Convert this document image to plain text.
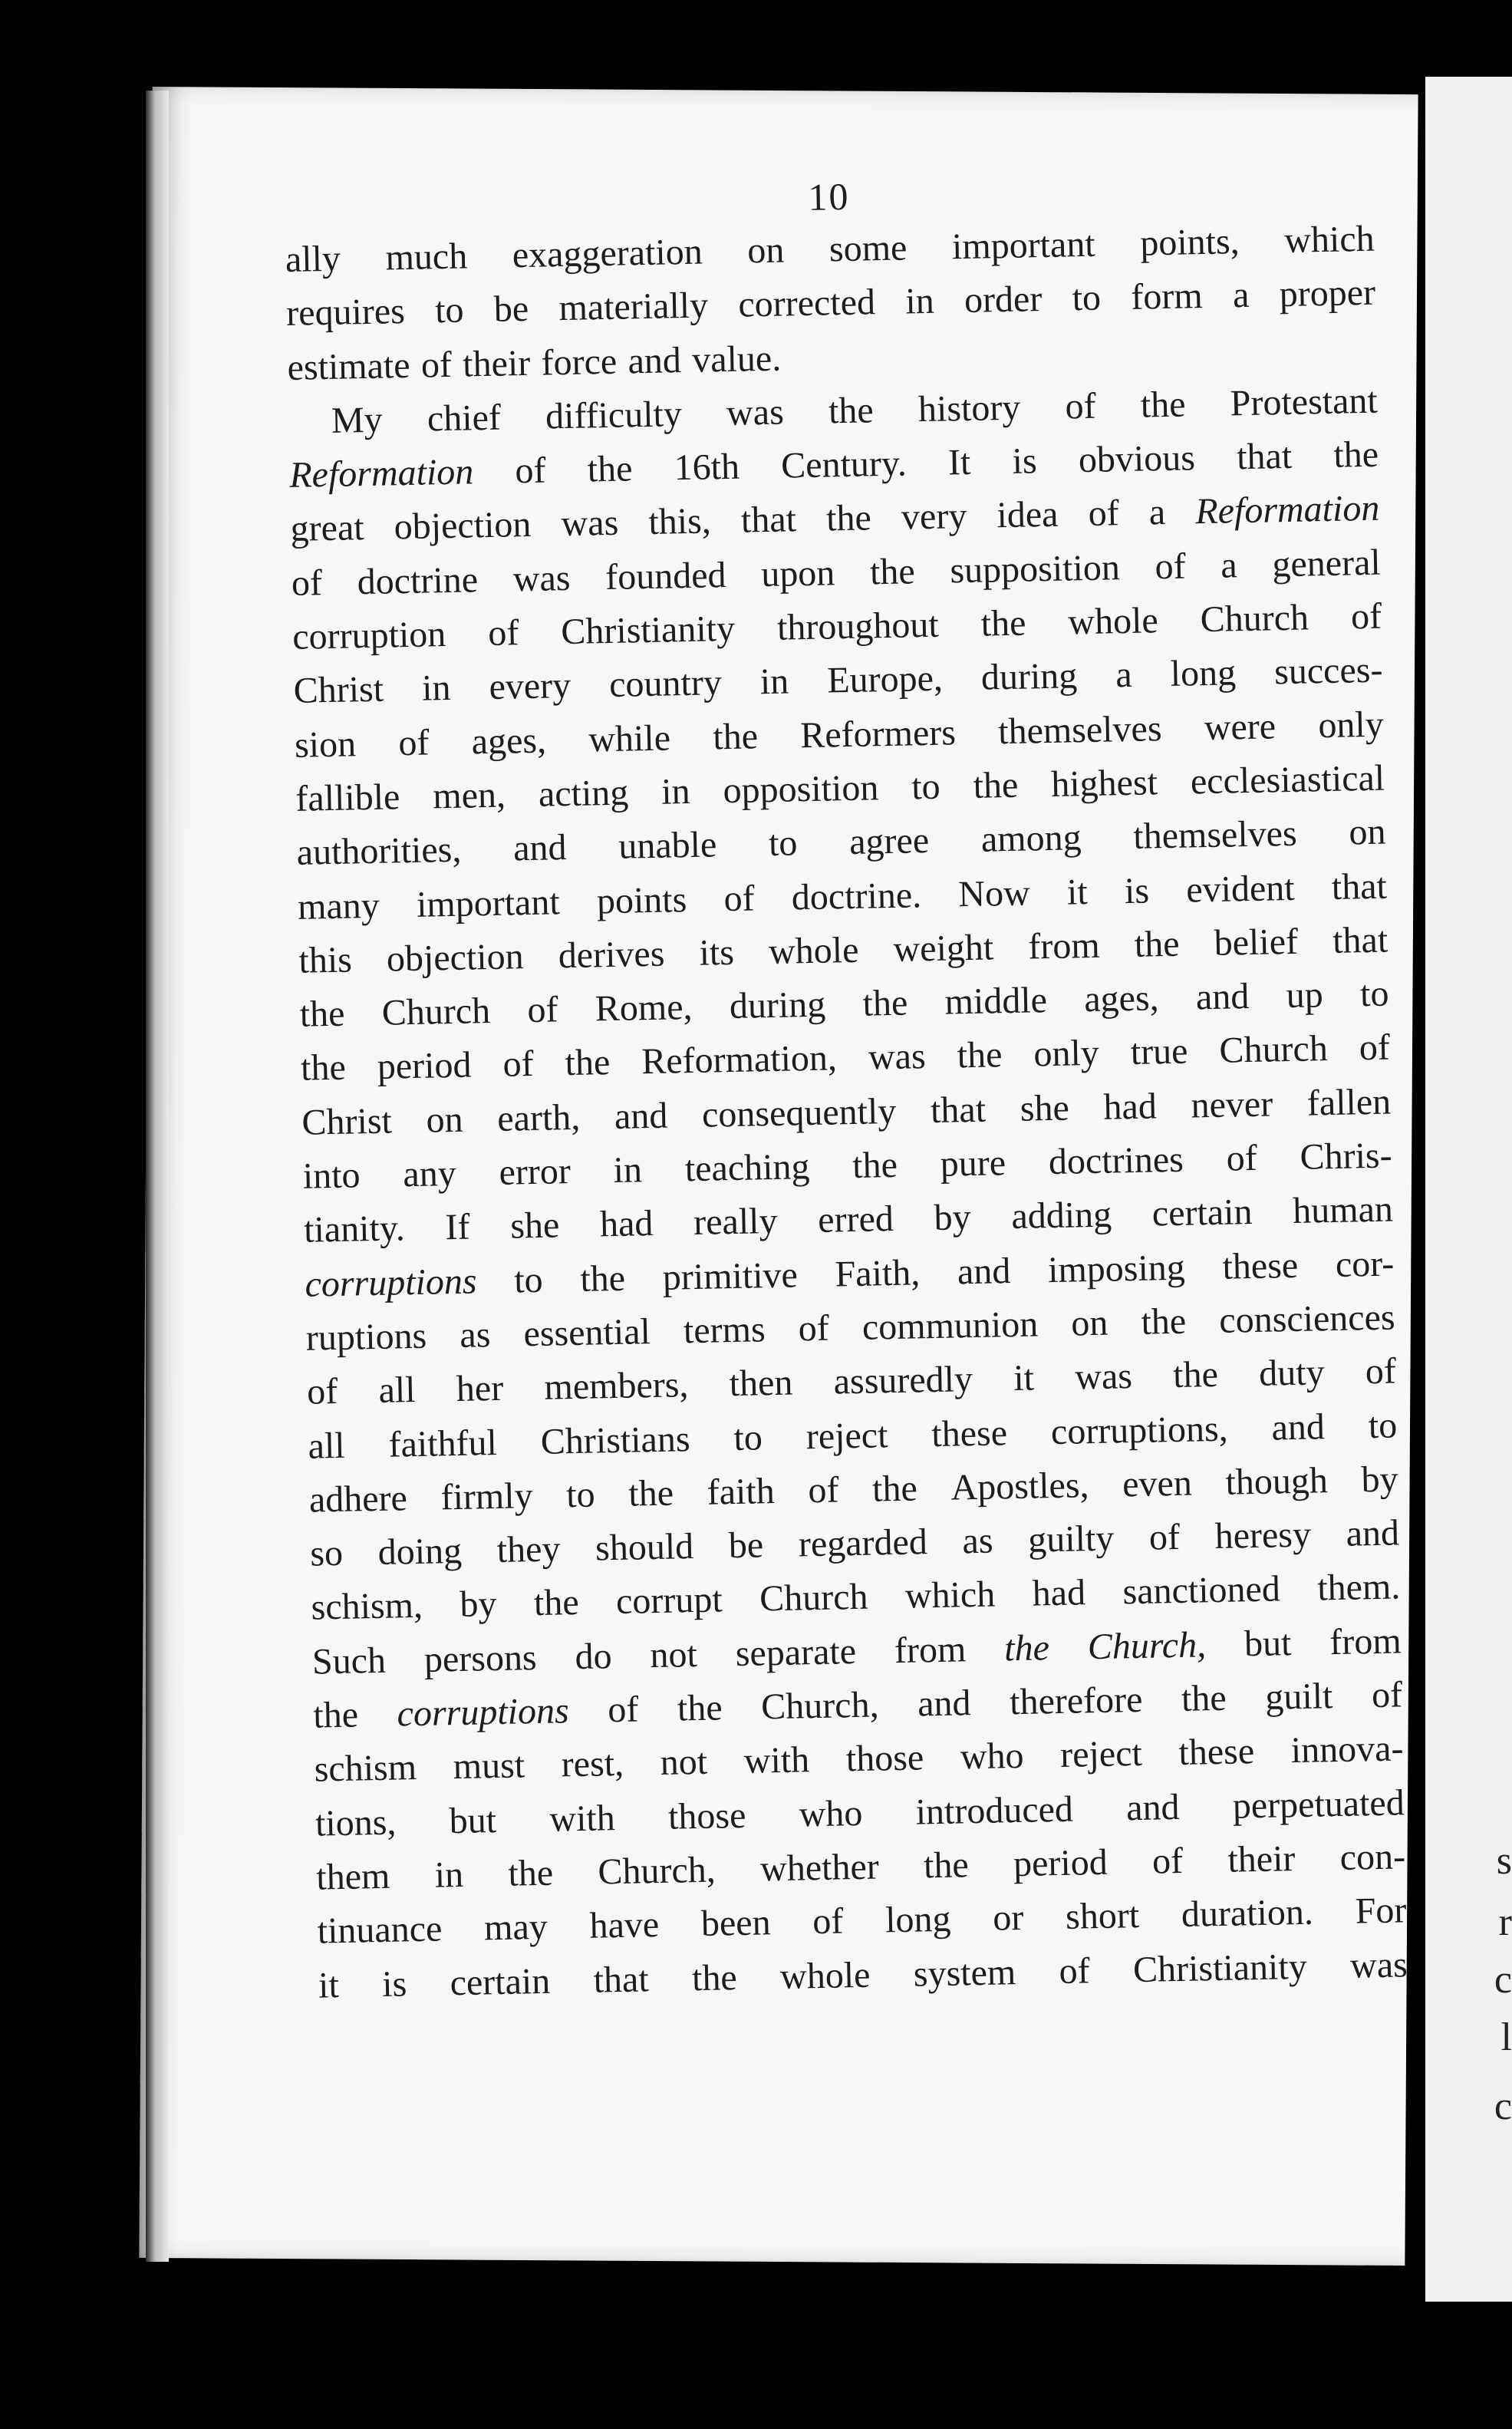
s
r
c
l
c
10
ally much exaggeration on some important points, which
requires to be materially corrected in order to form a proper
estimate of their force and value.
My chief difficulty was the history of the Protestant
Reformation of the 16th Century. It is obvious that the
great objection was this, that the very idea of a Reformation
of doctrine was founded upon the supposition of a general
corruption of Christianity throughout the whole Church of
Christ in every country in Europe, during a long succes-
sion of ages, while the Reformers themselves were only
fallible men, acting in opposition to the highest ecclesiastical
authorities, and unable to agree among themselves on
many important points of doctrine. Now it is evident that
this objection derives its whole weight from the belief that
the Church of Rome, during the middle ages, and up to
the period of the Reformation, was the only true Church of
Christ on earth, and consequently that she had never fallen
into any error in teaching the pure doctrines of Chris-
tianity. If she had really erred by adding certain human
corruptions to the primitive Faith, and imposing these cor-
ruptions as essential terms of communion on the consciences
of all her members, then assuredly it was the duty of
all faithful Christians to reject these corruptions, and to
adhere firmly to the faith of the Apostles, even though by
so doing they should be regarded as guilty of heresy and
schism, by the corrupt Church which had sanctioned them.
Such persons do not separate from the Church, but from
the corruptions of the Church, and therefore the guilt of
schism must rest, not with those who reject these innova-
tions, but with those who introduced and perpetuated
them in the Church, whether the period of their con-
tinuance may have been of long or short duration. For
it is certain that the whole system of Christianity was
